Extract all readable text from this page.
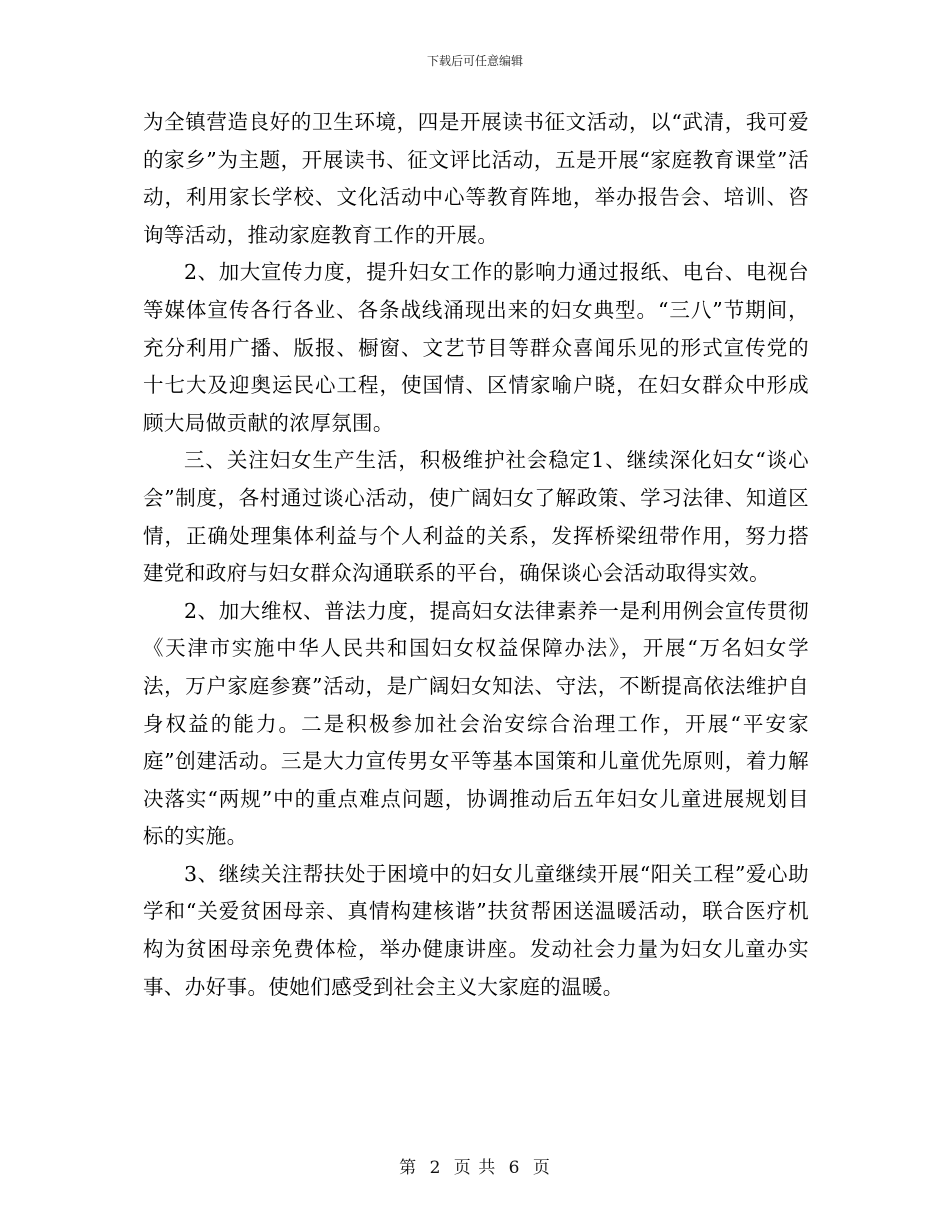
下载后可任意编辑

为全镇营造良好的卫生环境，四是开展读书征文活动，以“武清，我可爱的家乡”为主题，开展读书、征文评比活动，五是开展“家庭教育课堂”活动，利用家长学校、文化活动中心等教育阵地，举办报告会、培训、咨询等活动，推动家庭教育工作的开展。

2、加大宣传力度，提升妇女工作的影响力通过报纸、电台、电视台等媒体宣传各行各业、各条战线涌现出来的妇女典型。“三八”节期间，充分利用广播、版报、橱窗、文艺节目等群众喜闻乐见的形式宣传党的十七大及迎奥运民心工程，使国情、区情家喻户晓，在妇女群众中形成顾大局做贡献的浓厚氛围。

三、关注妇女生产生活，积极维护社会稳定1、继续深化妇女“谈心会”制度，各村通过谈心活动，使广阔妇女了解政策、学习法律、知道区情，正确处理集体利益与个人利益的关系，发挥桥梁纽带作用，努力搭建党和政府与妇女群众沟通联系的平台，确保谈心会活动取得实效。

2、加大维权、普法力度，提高妇女法律素养一是利用例会宣传贯彻《天津市实施中华人民共和国妇女权益保障办法》，开展“万名妇女学法，万户家庭参赛”活动，是广阔妇女知法、守法，不断提高依法维护自身权益的能力。二是积极参加社会治安综合治理工作，开展“平安家庭”创建活动。三是大力宣传男女平等基本国策和儿童优先原则，着力解决落实“两规”中的重点难点问题，协调推动后五年妇女儿童进展规划目标的实施。

3、继续关注帮扶处于困境中的妇女儿童继续开展“阳关工程”爱心助学和“关爱贫困母亲、真情构建核谐”扶贫帮困送温暖活动，联合医疗机构为贫困母亲免费体检，举办健康讲座。发动社会力量为妇女儿童办实事、办好事。使她们感受到社会主义大家庭的温暖。

第 2 页 共 6 页
